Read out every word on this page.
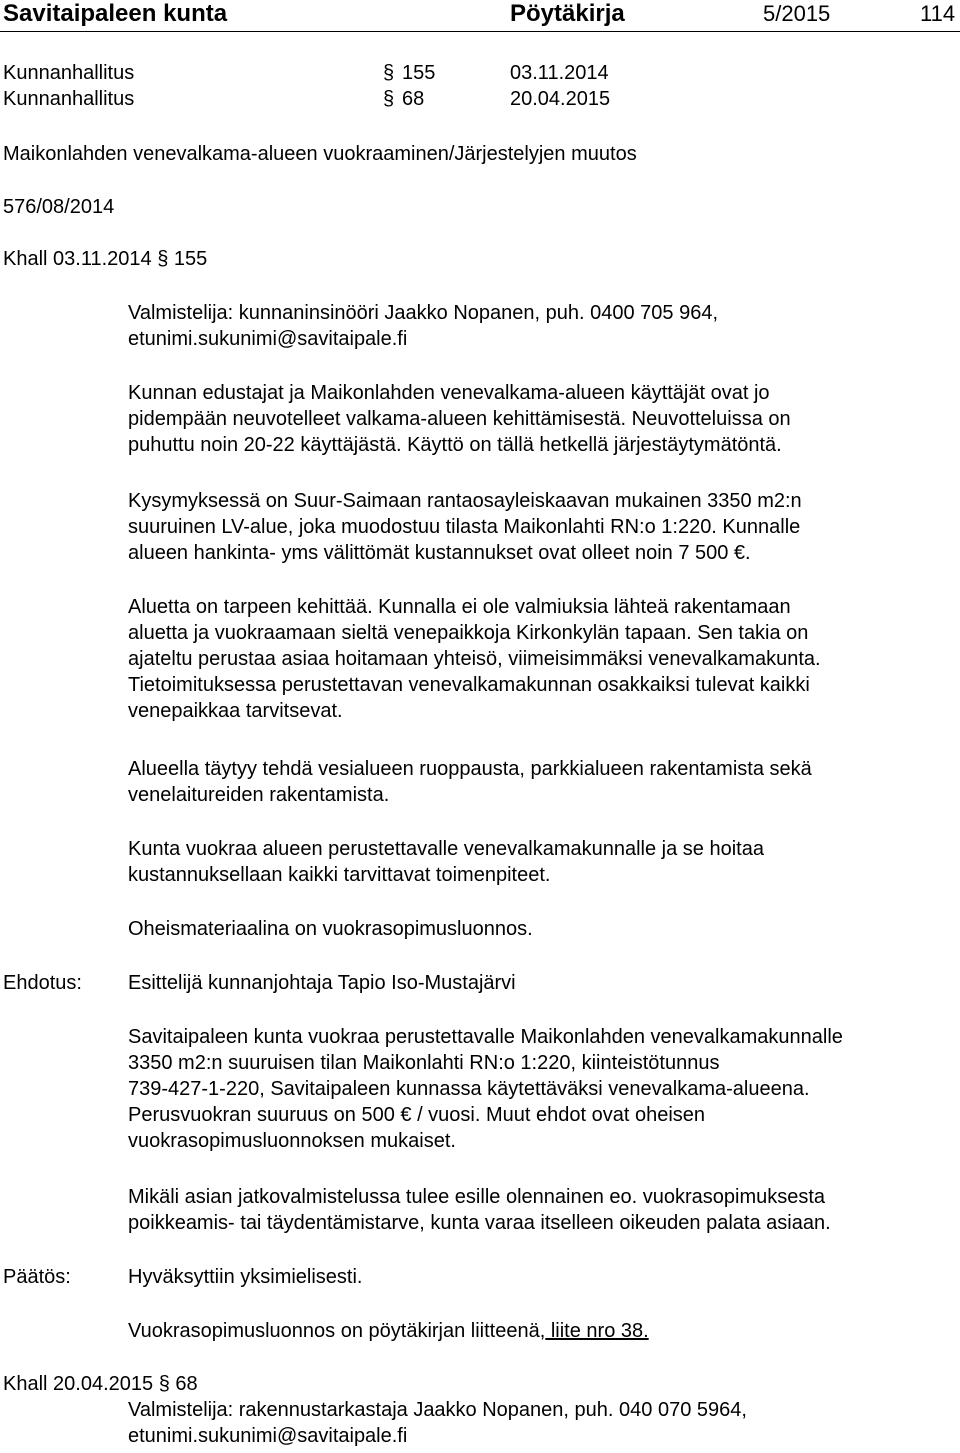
Savitaipaleen kunta	Pöytäkirja	5/2015	114
Kunnanhallitus	§ 155	03.11.2014
Kunnanhallitus	§ 68	20.04.2015
Maikonlahden venevalkama-alueen vuokraaminen/Järjestelyjen muutos
576/08/2014
Khall 03.11.2014 § 155

Valmistelija: kunnaninsinööri Jaakko Nopanen, puh. 0400 705 964,

etunimi.sukunimi@savitaipale.fi

Kunnan edustajat ja Maikonlahden venevalkama-alueen käyttäjät ovat jo

pidempään neuvotelleet valkama-alueen kehittämisestä. Neuvotteluissa on

puhuttu noin 20-22 käyttäjästä. Käyttö on tällä hetkellä järjestäytymätöntä.

Kysymyksessä on Suur-Saimaan rantaosayleiskaavan mukainen 3350 m2:n

suuruinen LV-alue, joka muodostuu tilasta Maikonlahti RN:o 1:220. Kunnalle

alueen hankinta- yms välittömät kustannukset ovat olleet noin 7 500 €.

Aluetta on tarpeen kehittää. Kunnalla ei ole valmiuksia lähteä rakentamaan

aluetta ja vuokraamaan sieltä venepaikkoja Kirkonkylän tapaan. Sen takia on

ajateltu perustaa asiaa hoitamaan yhteisö, viimeisimmäksi venevalkamakunta.

Tietoimituksessa perustettavan venevalkamakunnan osakkaiksi tulevat kaikki

venepaikkaa tarvitsevat.

Alueella täytyy tehdä vesialueen ruoppausta, parkkialueen rakentamista sekä

venelaitureiden rakentamista.

Kunta vuokraa alueen perustettavalle venevalkamakunnalle ja se hoitaa

kustannuksellaan kaikki tarvittavat toimenpiteet.

Oheismateriaalina on vuokrasopimusluonnos.

Ehdotus: Esittelijä kunnanjohtaja Tapio Iso-Mustajärvi

Savitaipaleen kunta vuokraa perustettavalle Maikonlahden venevalkamakunnalle

3350 m2:n suuruisen tilan Maikonlahti RN:o 1:220, kiinteistötunnus

739-427-1-220, Savitaipaleen kunnassa käytettäväksi venevalkama-alueena.

Perusvuokran suuruus on 500 € / vuosi. Muut ehdot ovat oheisen

vuokrasopimusluonnoksen mukaiset.

Mikäli asian jatkovalmistelussa tulee esille olennainen eo. vuokrasopimuksesta

poikkeamis- tai täydentämistarve, kunta varaa itselleen oikeuden palata asiaan.

Päätös:	Hyväksyttiin yksimielisesti.

Vuokrasopimusluonnos on pöytäkirjan liitteenä, liite nro 38.

Khall 20.04.2015 § 68

Valmistelija: rakennustarkastaja Jaakko Nopanen, puh. 040 070 5964,

etunimi.sukunimi@savitaipale.fi
